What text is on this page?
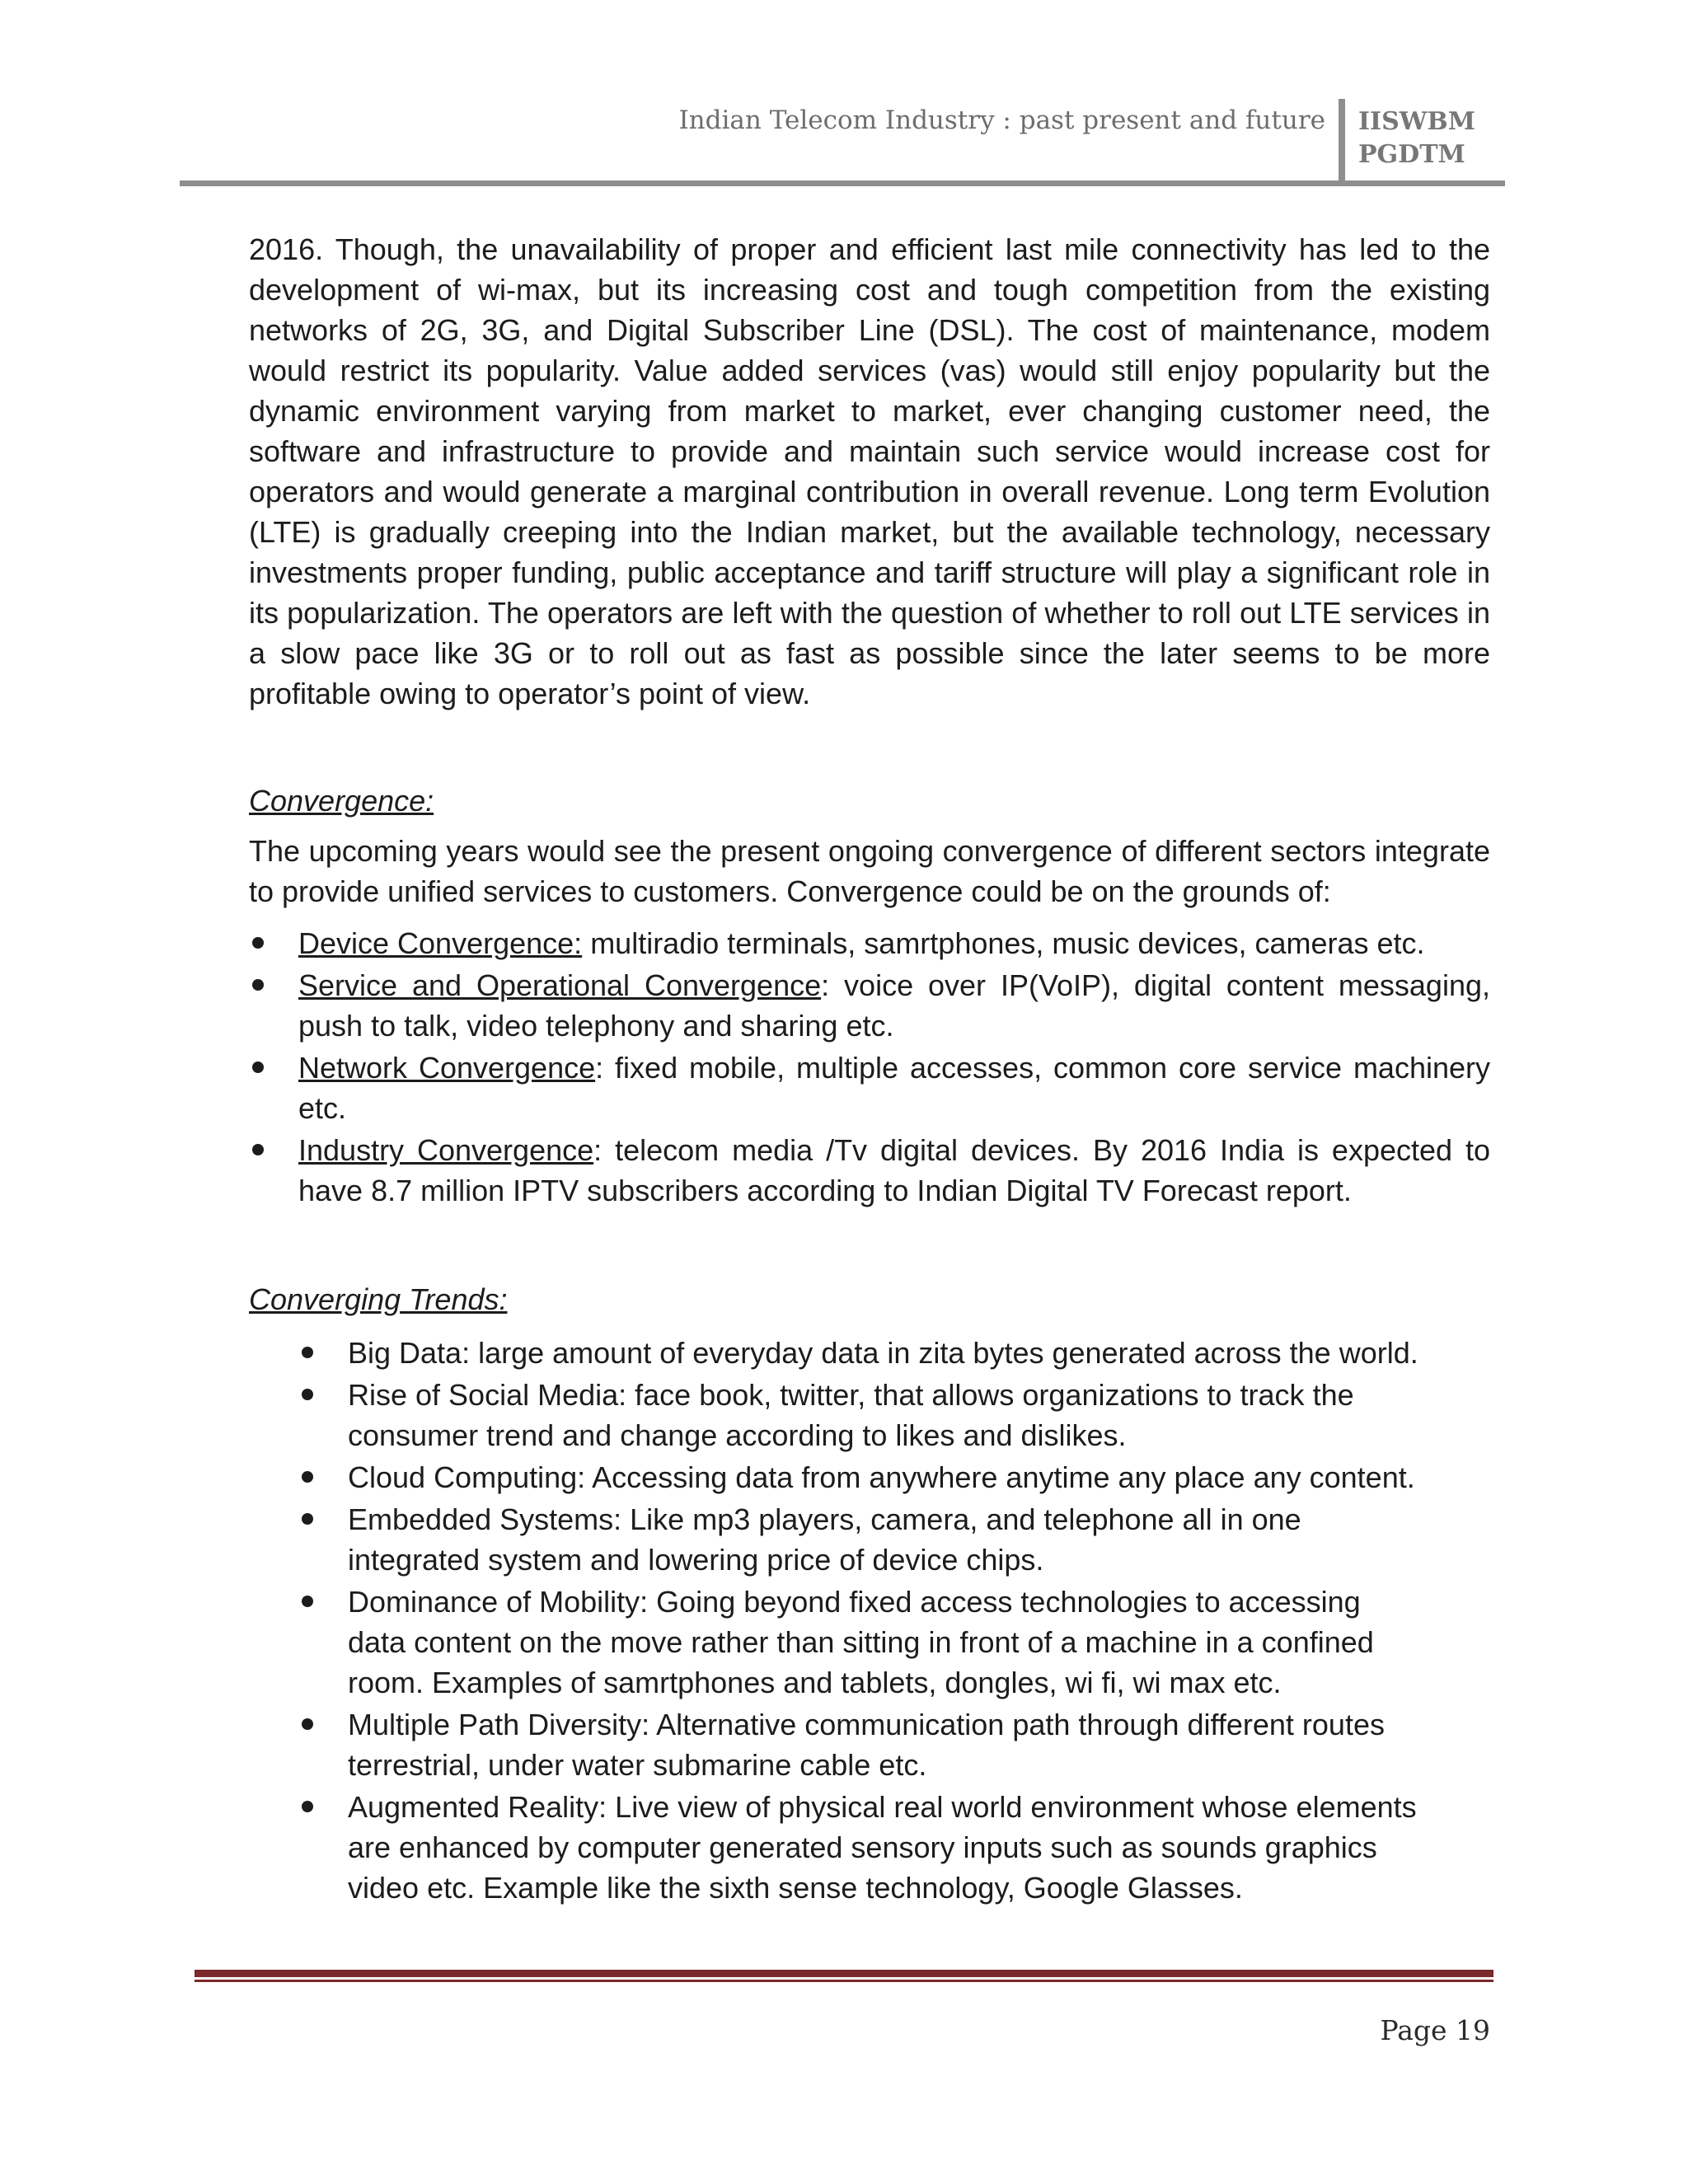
Indian Telecom Industry : past present and future IISWBM
PGDTM

2016. Though, the unavailability of proper and efficient last mile connectivity has led to the development of wi-max, but its increasing cost and tough competition from the existing networks of 2G, 3G, and Digital Subscriber Line (DSL). The cost of maintenance, modem would restrict its popularity. Value added services (vas) would still enjoy popularity but the dynamic environment varying from market to market, ever changing customer need, the software and infrastructure to provide and maintain such service would increase cost for operators and would generate a marginal contribution in overall revenue. Long term Evolution (LTE) is gradually creeping into the Indian market, but the available technology, necessary investments proper funding, public acceptance and tariff structure will play a significant role in its popularization. The operators are left with the question of whether to roll out LTE services in a slow pace like 3G or to roll out as fast as possible since the later seems to be more profitable owing to operator’s point of view.

Convergence:

The upcoming years would see the present ongoing convergence of different sectors integrate to provide unified services to customers. Convergence could be on the grounds of:

Device Convergence: multiradio terminals, samrtphones, music devices, cameras etc.
Service and Operational Convergence: voice over IP(VoIP), digital content messaging, push to talk, video telephony and sharing etc.
Network Convergence: fixed mobile, multiple accesses, common core service machinery etc.
Industry Convergence: telecom media /Tv digital devices. By 2016 India is expected to have 8.7 million IPTV subscribers according to Indian Digital TV Forecast report.

Converging Trends:

Big Data: large amount of everyday data in zita bytes generated across the world.
Rise of Social Media: face book, twitter, that allows organizations to track the consumer trend and change according to likes and dislikes.
Cloud Computing: Accessing data from anywhere anytime any place any content.
Embedded Systems: Like mp3 players, camera, and telephone all in one integrated system and lowering price of device chips.
Dominance of Mobility: Going beyond fixed access technologies to accessing data content on the move rather than sitting in front of a machine in a confined room. Examples of samrtphones and tablets, dongles, wi fi, wi max etc.
Multiple Path Diversity: Alternative communication path through different routes terrestrial, under water submarine cable etc.
Augmented Reality: Live view of physical real world environment whose elements are enhanced by computer generated sensory inputs such as sounds graphics video etc. Example like the sixth sense technology, Google Glasses.
Page 19
